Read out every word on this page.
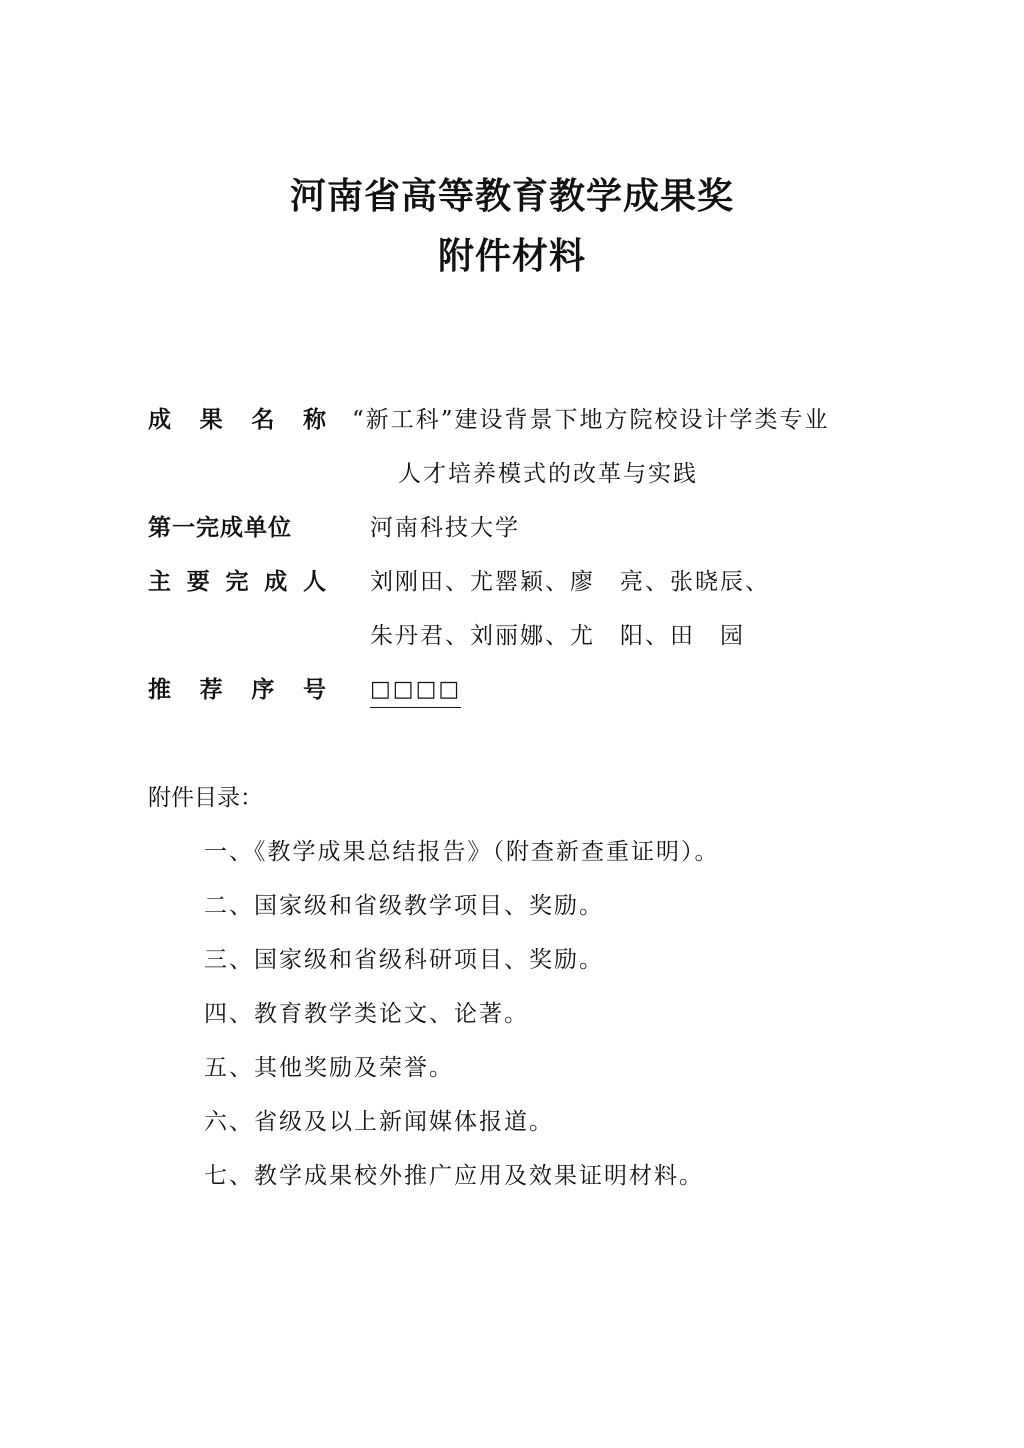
河南省高等教育教学成果奖
附件材料
成 果 名 称 “新工科”建设背景下地方院校设计学类专业
人才培养模式的改革与实践
第一完成单位	河南科技大学
主 要 完 成 人 刘刚田、尤罂颖、廖　亮、张晓辰、
朱丹君、刘丽娜、尤　阳、田　园
推 荐 序 号 □□□□
附件目录：
一、《教学成果总结报告》（附查新查重证明）。
二、国家级和省级教学项目、奖励。
三、国家级和省级科研项目、奖励。
四、教育教学类论文、论著。
五、其他奖励及荣誉。
六、省级及以上新闻媒体报道。
七、教学成果校外推广应用及效果证明材料。
